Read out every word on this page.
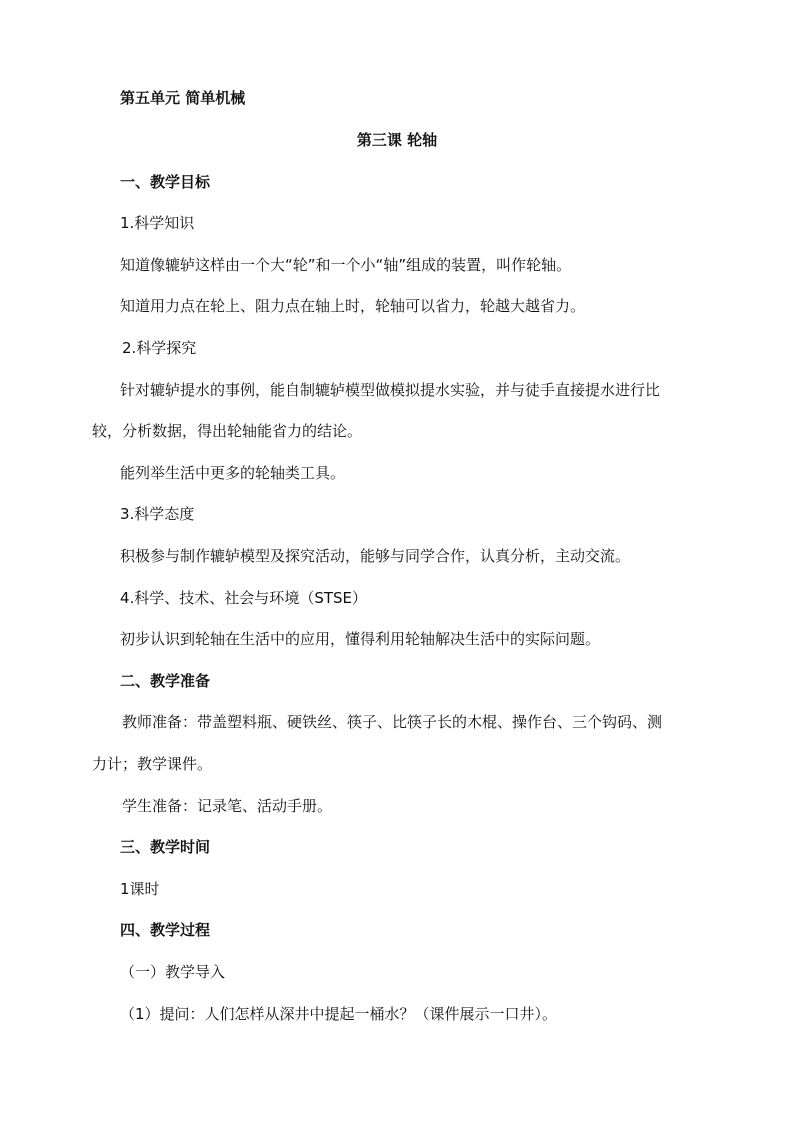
第五单元 简单机械
第三课 轮轴
一、教学目标
1.科学知识
知道像辘轳这样由一个大“轮”和一个小“轴”组成的装置，叫作轮轴。
知道用力点在轮上、阻力点在轴上时，轮轴可以省力，轮越大越省力。
2.科学探究
针对辘轳提水的事例，能自制辘轳模型做模拟提水实验，并与徒手直接提水进行比
较，分析数据，得出轮轴能省力的结论。
能列举生活中更多的轮轴类工具。
3.科学态度
积极参与制作辘轳模型及探究活动，能够与同学合作，认真分析，主动交流。
4.科学、技术、社会与环境（STSE）
初步认识到轮轴在生活中的应用，懂得利用轮轴解决生活中的实际问题。
二、教学准备
教师准备：带盖塑料瓶、硬铁丝、筷子、比筷子长的木棍、操作台、三个钩码、测
力计；教学课件。
学生准备：记录笔、活动手册。
三、教学时间
1课时
四、教学过程
（一）教学导入
（1）提问：人们怎样从深井中提起一桶水？（课件展示一口井）。
